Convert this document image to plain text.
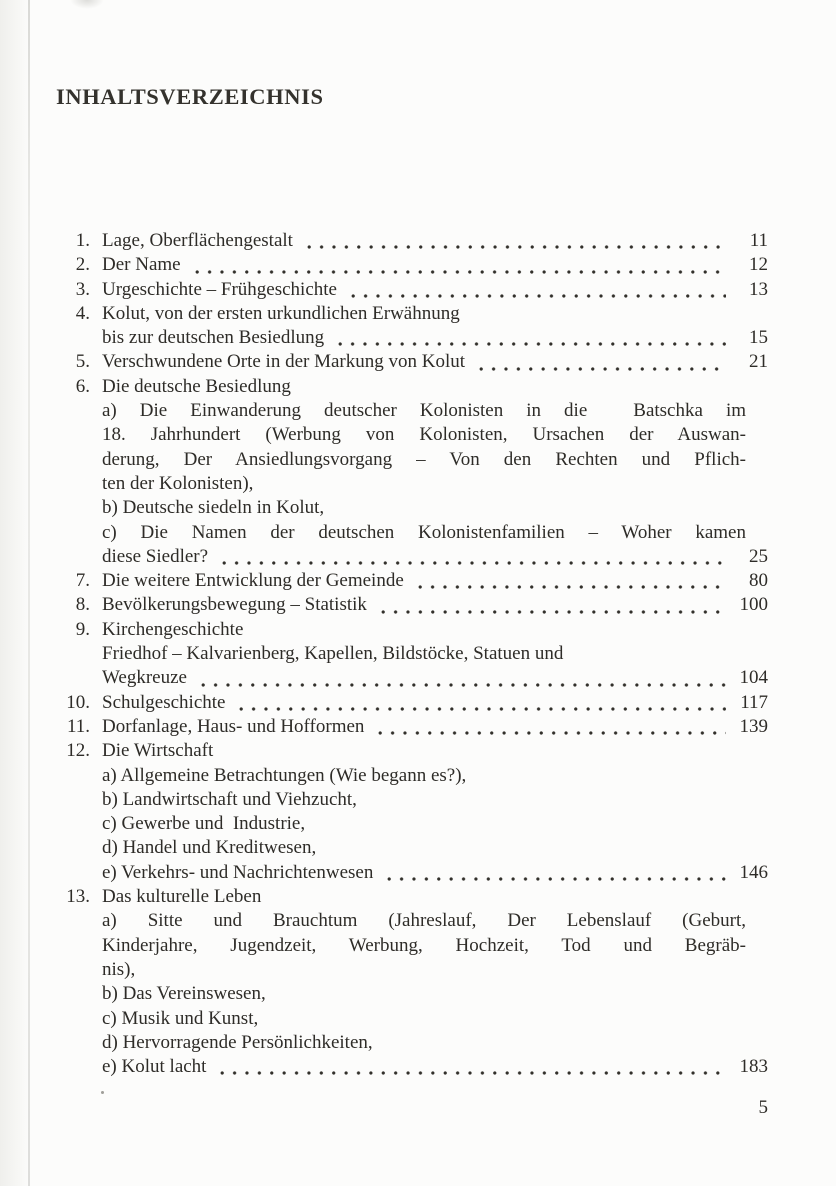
INHALTSVERZEICHNIS
1. Lage, Oberflächengestalt	11
2. Der Name	12
3. Urgeschichte – Frühgeschichte	13
4. Kolut, von der ersten urkundlichen Erwähnung
bis zur deutschen Besiedlung	15
5. Verschwundene Orte in der Markung von Kolut	21
6. Die deutsche Besiedlung
a) Die Einwanderung deutscher Kolonisten in die  Batschka im
18. Jahrhundert (Werbung von Kolonisten, Ursachen der Auswan-
derung, Der Ansiedlungsvorgang – Von den Rechten und Pflich-
ten der Kolonisten),
b) Deutsche siedeln in Kolut,
c) Die Namen der deutschen Kolonistenfamilien – Woher kamen
diese Siedler?	25
7. Die weitere Entwicklung der Gemeinde	80
8. Bevölkerungsbewegung – Statistik	100
9. Kirchengeschichte
Friedhof – Kalvarienberg, Kapellen, Bildstöcke, Statuen und
Wegkreuze	104
10. Schulgeschichte	117
11. Dorfanlage, Haus- und Hofformen	139
12. Die Wirtschaft
a) Allgemeine Betrachtungen (Wie begann es?),
b) Landwirtschaft und Viehzucht,
c) Gewerbe und  Industrie,
d) Handel und Kreditwesen,
e) Verkehrs- und Nachrichtenwesen	146
13. Das kulturelle Leben
a) Sitte und Brauchtum (Jahreslauf, Der Lebenslauf (Geburt,
Kinderjahre, Jugendzeit, Werbung, Hochzeit, Tod und Begräb-
nis),
b) Das Vereinswesen,
c) Musik und Kunst,
d) Hervorragende Persönlichkeiten,
e) Kolut lacht	183
5
